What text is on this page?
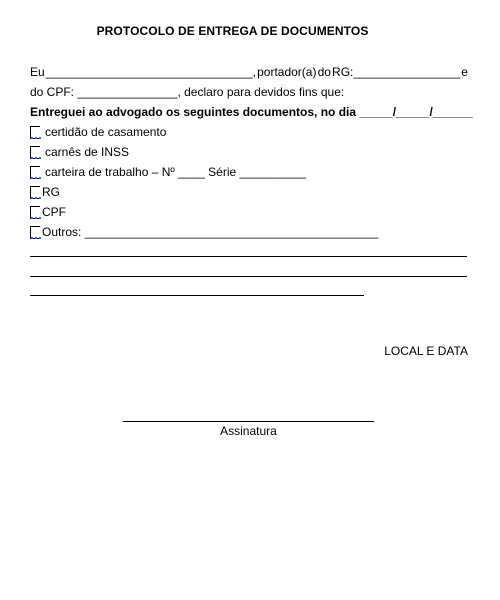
PROTOCOLO DE ENTREGA DE DOCUMENTOS
Eu _______________________________, portador(a) do RG:________________ e
do CPF: _______________, declaro para devidos fins que:
Entreguei ao advogado os seguintes documentos, no dia _____/_____/______
certidão de casamento
carnês de INSS
carteira de trabalho – Nº ____ Série __________
RG
CPF
Outros: ____________________________________________
LOCAL E DATA
Assinatura
